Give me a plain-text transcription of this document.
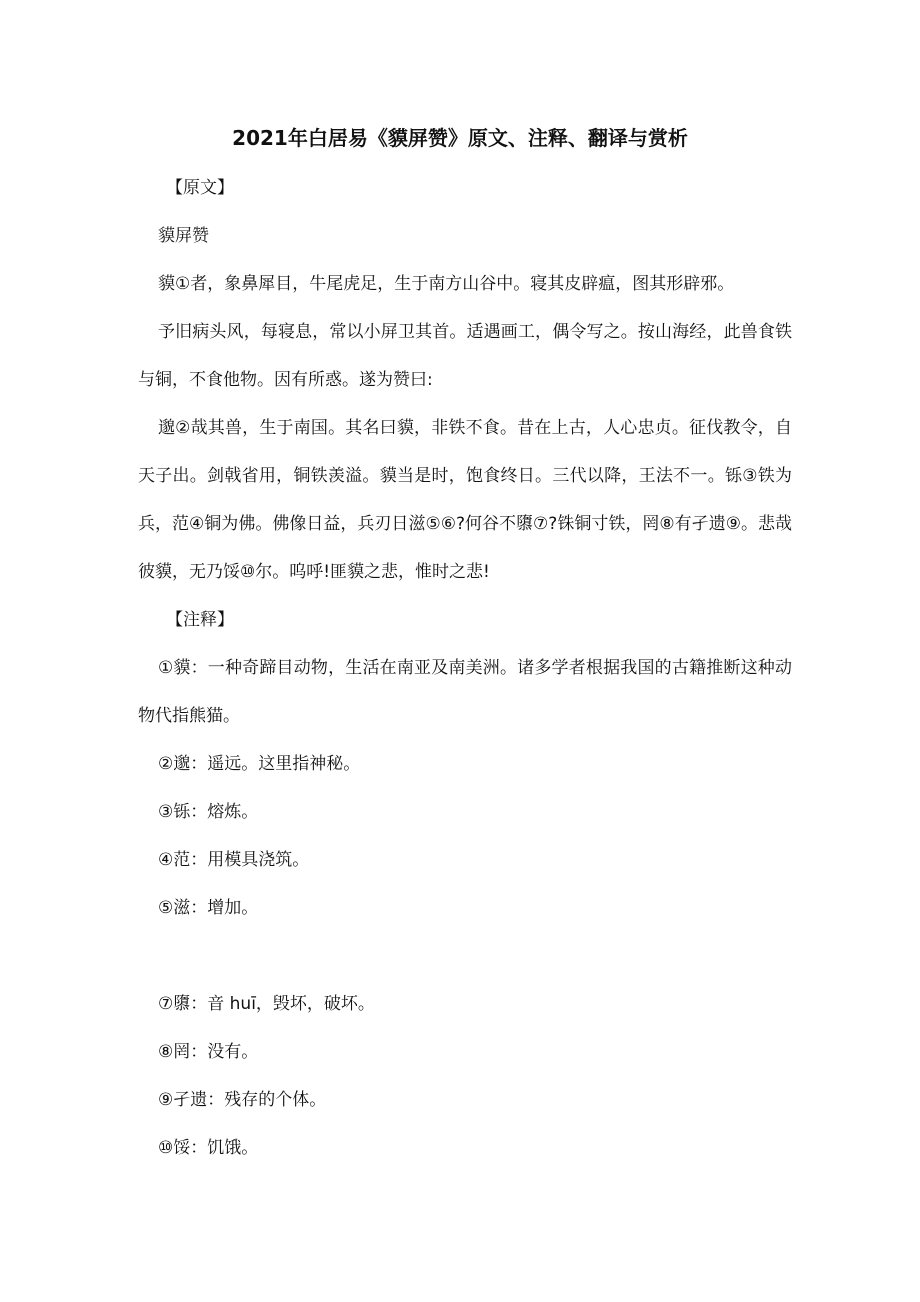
2021年白居易《貘屏赞》原文、注释、翻译与赏析

【原文】

貘屏赞

貘①者，象鼻犀目，牛尾虎足，生于南方山谷中。寝其皮辟瘟，图其形辟邪。

予旧病头风，每寝息，常以小屏卫其首。适遇画工，偶令写之。按山海经，此兽食铁与铜，不食他物。因有所惑。遂为赞曰:

邈②哉其兽，生于南国。其名曰貘，非铁不食。昔在上古，人心忠贞。征伐教令，自天子出。剑戟省用，铜铁羡溢。貘当是时，饱食终日。三代以降，王法不一。铄③铁为兵，范④铜为佛。佛像日益，兵刃日滋⑤⑥?何谷不隳⑦?铢铜寸铁，罔⑧有孑遗⑨。悲哉彼貘，无乃馁⑩尔。呜呼!匪貘之悲，惟时之悲!

【注释】

①貘：一种奇蹄目动物，生活在南亚及南美洲。诸多学者根据我国的古籍推断这种动物代指熊猫。

②邈：遥远。这里指神秘。

③铄：熔炼。

④范：用模具浇筑。

⑤滋：增加。

⑦隳：音 huī，毁坏，破坏。

⑧罔：没有。

⑨孑遗：残存的个体。

⑩馁：饥饿。
